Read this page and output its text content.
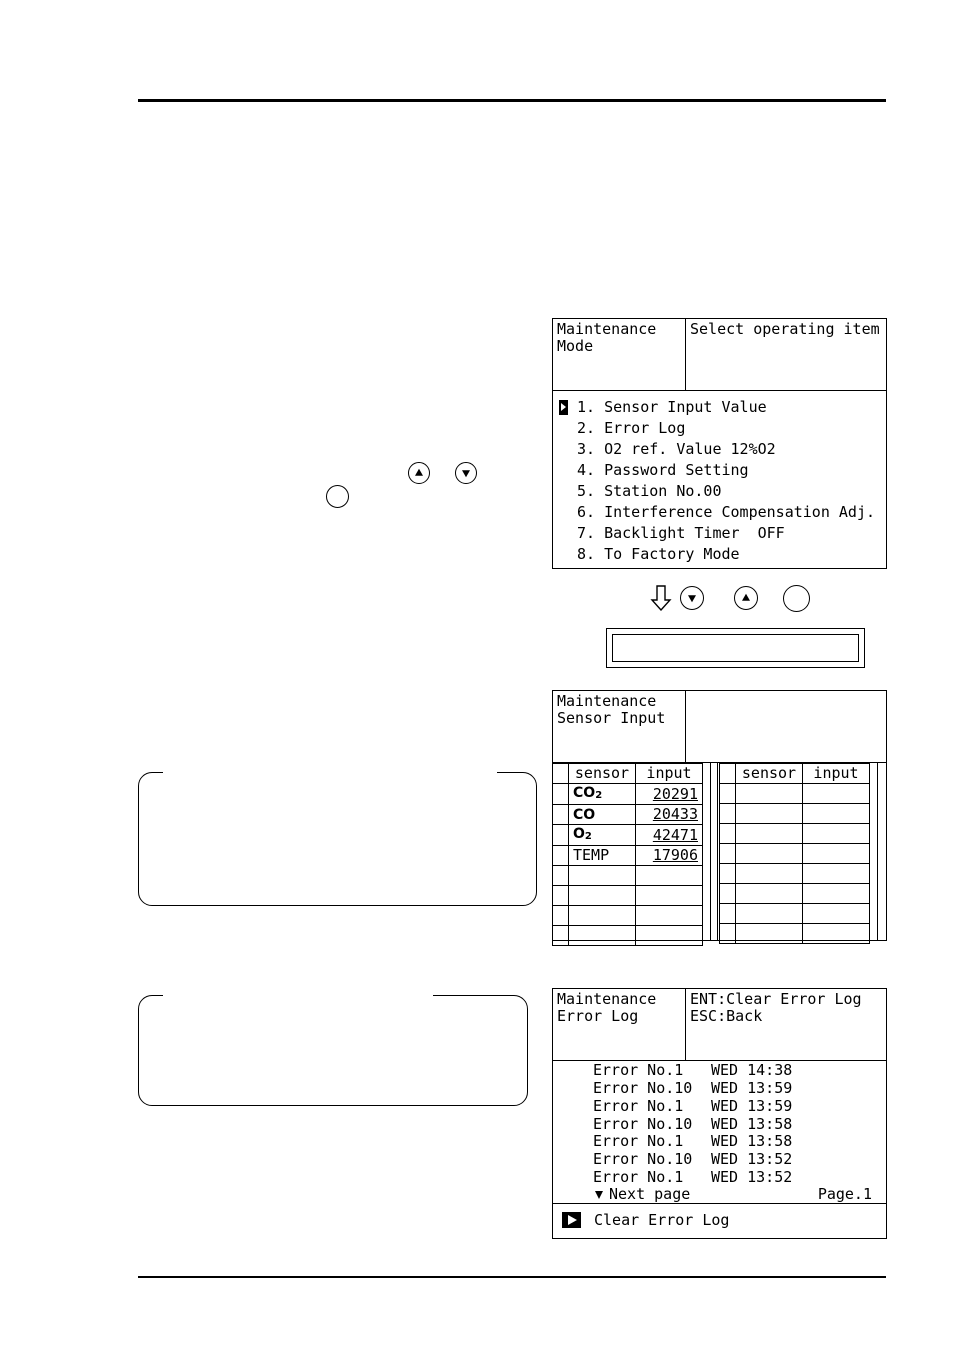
Maintenance
Mode
Select operating item
1. Sensor Input Value
2. Error Log
3. O2 ref. Value 12%O2
4. Password Setting
5. Station No.00
6. Interference Compensation Adj.
7. Backlight Timer  OFF
8. To Factory Mode
Maintenance
Sensor Input
	sensor	input
	$CO_2$	20291
	CO	20433
	$O_2$	42471
	TEMP	17906

	sensor	input

Maintenance
Error Log
ENT:Clear Error Log
ESC:Back
Error No.1	WED 14:38
Error No.10	WED 13:59
Error No.1	WED 13:59
Error No.10	WED 13:58
Error No.1	WED 13:58
Error No.10	WED 13:52
Error No.1	WED 13:52
Next page	Page.1
Clear Error Log
